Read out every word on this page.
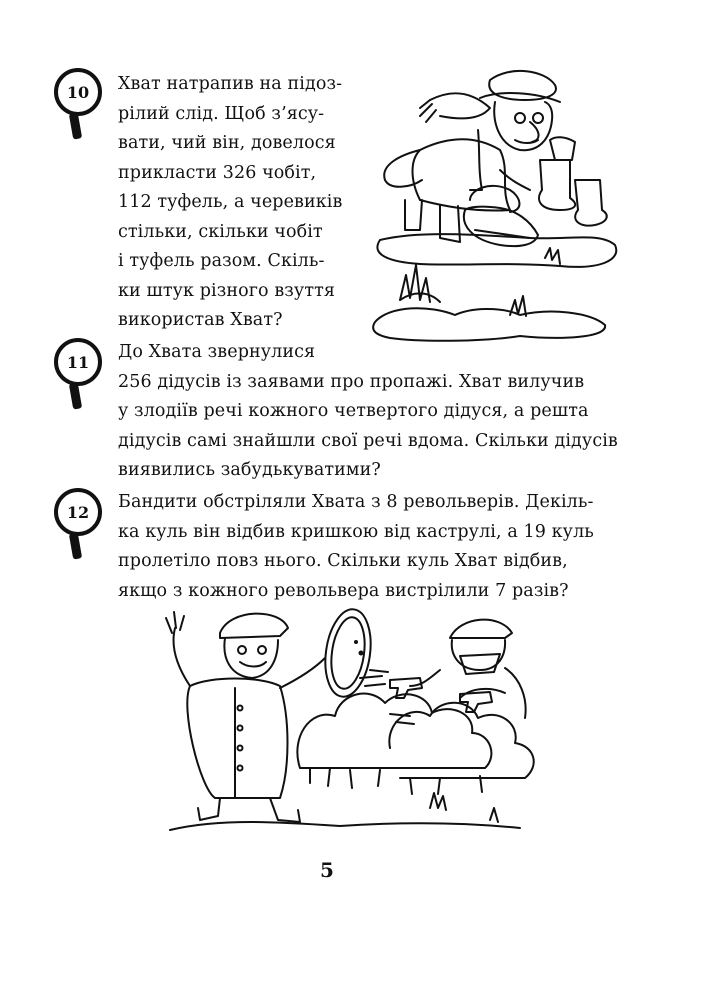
10 Хват натрапив на підоз-
рілий слід. Щоб з’ясу-
вати, чий він, довелося
прикласти 326 чобіт,
112 туфель, а черевиків
стільки, скільки чобіт
і туфель разом. Скіль-
ки штук різного взуття
використав Хват?
11 До Хвата звернулися
256 дідусів із заявами про пропажі. Хват вилучив
у злодіїв речі кожного четвертого дідуся, а решта
дідусів самі знайшли свої речі вдома. Скільки дідусів
виявились забудькуватими?
12 Бандити обстріляли Хвата з 8 револьверів. Декіль-
ка куль він відбив кришкою від каструлі, а 19 куль
пролетіло повз нього. Скільки куль Хват відбив,
якщо з кожного револьвера вистрілили 7 разів?
5
